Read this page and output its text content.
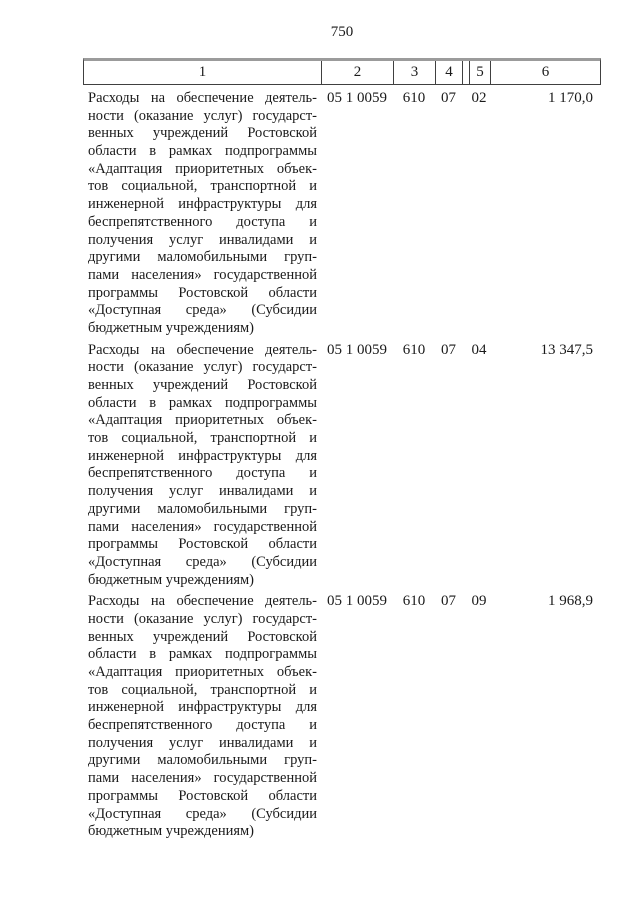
750
1	2	3	4	5	6
Расходы на обеспечение деятель-
ности (оказание услуг) государст-
венных учреждений Ростовской
области в рамках подпрограммы
«Адаптация приоритетных объек-
тов социальной, транспортной и
инженерной инфраструктуры для
беспрепятственного доступа и
получения услуг инвалидами и
другими маломобильными груп-
пами населения» государственной
программы Ростовской области
«Доступная среда» (Субсидии
бюджетным учреждениям)
05 1 0059	610	07	02	1 170,0
Расходы на обеспечение деятель-
ности (оказание услуг) государст-
венных учреждений Ростовской
области в рамках подпрограммы
«Адаптация приоритетных объек-
тов социальной, транспортной и
инженерной инфраструктуры для
беспрепятственного доступа и
получения услуг инвалидами и
другими маломобильными груп-
пами населения» государственной
программы Ростовской области
«Доступная среда» (Субсидии
бюджетным учреждениям)
05 1 0059	610	07	04	13 347,5
Расходы на обеспечение деятель-
ности (оказание услуг) государст-
венных учреждений Ростовской
области в рамках подпрограммы
«Адаптация приоритетных объек-
тов социальной, транспортной и
инженерной инфраструктуры для
беспрепятственного доступа и
получения услуг инвалидами и
другими маломобильными груп-
пами населения» государственной
программы Ростовской области
«Доступная среда» (Субсидии
бюджетным учреждениям)
05 1 0059	610	07	09	1 968,9
